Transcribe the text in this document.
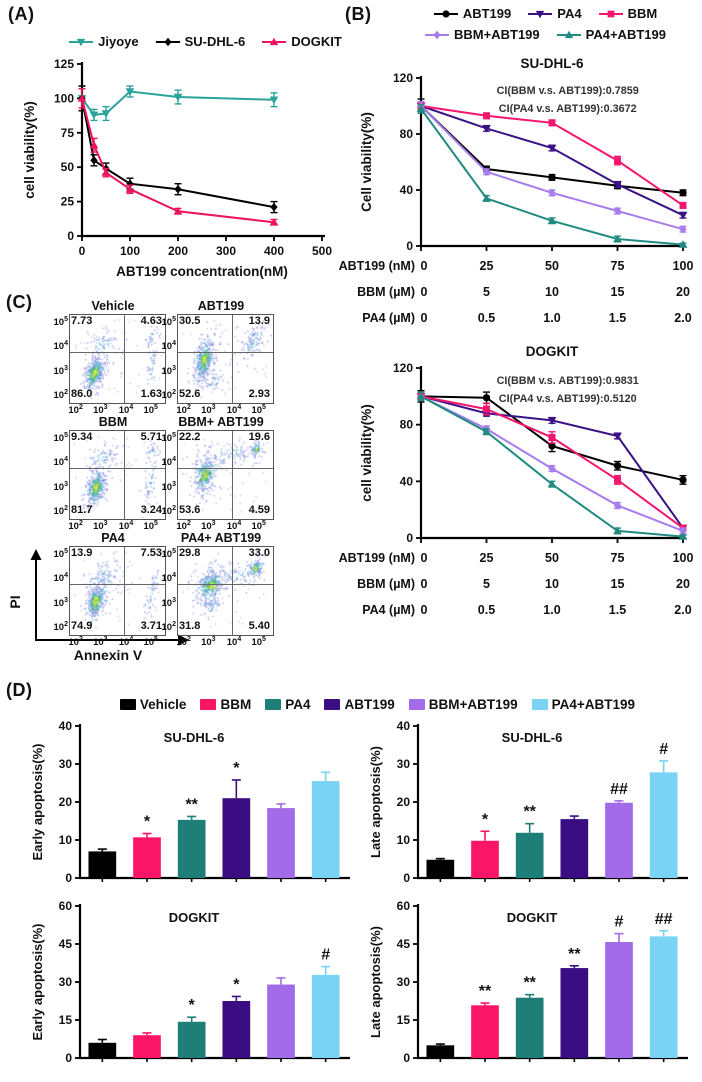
(A)	(B)
(C)
(D)
Jiyoye	SU-DHL-6	DOGKIT
0
25
50
75
100
125
0	100 200 300 400 500
ABT199 concentration(nM)
cell viability(%)
ABT199	PA4	BBM
BBM+ABT199	PA4+ABT199
0
40
80
120
Cell viability(%)
SU-DHL-6
CI(BBM v.s. ABT199):0.7859
CI(PA4 v.s. ABT199):0.3672
ABT199 (nM) 0	25	50	75	100
BBM (µM) 0	5	10	15	20
PA4 (µM) 0	0.5	1.0	1.5	2.0
0
40
80
120
cell viability(%)
DOGKIT
CI(BBM v.s. ABT199):0.9831
CI(PA4 v.s. ABT199):0.5120
ABT199 (nM) 0	25	50	75	100
BBM (µM) 0	5	10	15	20
PA4 (µM) 0	0.5	1.0	1.5	2.0
PI
Annexin V
Vehicle	BBM	PA4	ABT199	BBM+ABT199	PA4+ABT199
0
10
20
30
40
Early apoptosis(%)
SU-DHL-6
*
**
*
0
10
20
30
40
Late apoptosis(%)
SU-DHL-6
* **
##
#
0
15
30
45
60
Early apoptosis(%)
DOGKIT
*
*
#
0
15
30
45
60
Late apoptosis(%)
DOGKIT
** **
**
# ##
Vehicle
7.73	4.63
86.0	1.63
$10^5$
$10^4$
$10^3$
$10^2$
$10^2$	$10^3$	$10^4$	$10^5$
ABT199
30.5	13.9
52.6	2.93
$10^5$
$10^4$
$10^3$
$10^2$
$10^2$	$10^3$	$10^4$	$10^5$
BBM
9.34	5.71
81.7	3.24
$10^5$
$10^4$
$10^3$
$10^2$
$10^2$	$10^3$	$10^4$	$10^5$
BBM+ ABT199
22.2	19.6
53.6	4.59
$10^5$
$10^4$
$10^3$
$10^2$
$10^2$	$10^3$	$10^4$	$10^5$
PA4
13.9	7.53
74.9	3.71
$10^5$
$10^4$
$10^3$
$10^2$
$10^2$	$10^3$	$10^4$	$10^5$
PA4+ ABT199
29.8	33.0
31.8	5.40
$10^5$
$10^4$
$10^3$
$10^2$
$10^2$	$10^3$	$10^4$	$10^5$
